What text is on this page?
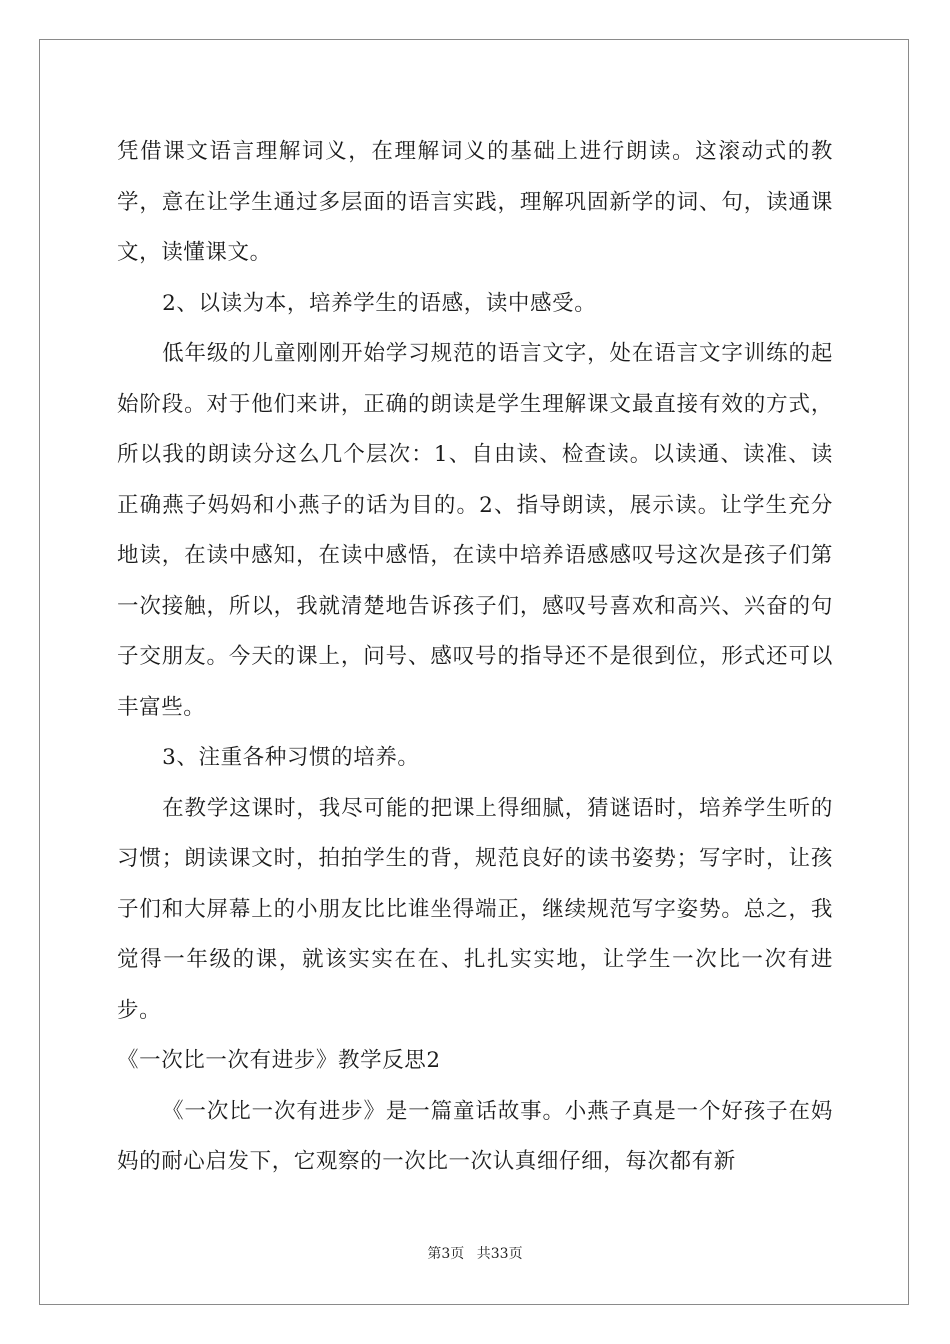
凭借课文语言理解词义，在理解词义的基础上进行朗读。这滚动式的教学，意在让学生通过多层面的语言实践，理解巩固新学的词、句，读通课文，读懂课文。

2、以读为本，培养学生的语感，读中感受。

低年级的儿童刚刚开始学习规范的语言文字，处在语言文字训练的起始阶段。对于他们来讲，正确的朗读是学生理解课文最直接有效的方式，所以我的朗读分这么几个层次：1、自由读、检查读。以读通、读准、读正确燕子妈妈和小燕子的话为目的。2、指导朗读，展示读。让学生充分地读，在读中感知，在读中感悟，在读中培养语感感叹号这次是孩子们第一次接触，所以，我就清楚地告诉孩子们，感叹号喜欢和高兴、兴奋的句子交朋友。今天的课上，问号、感叹号的指导还不是很到位，形式还可以丰富些。

3、注重各种习惯的培养。

在教学这课时，我尽可能的把课上得细腻，猜谜语时，培养学生听的习惯；朗读课文时，拍拍学生的背，规范良好的读书姿势；写字时，让孩子们和大屏幕上的小朋友比比谁坐得端正，继续规范写字姿势。总之，我觉得一年级的课，就该实实在在、扎扎实实地，让学生一次比一次有进步。

《一次比一次有进步》教学反思2

《一次比一次有进步》是一篇童话故事。小燕子真是一个好孩子在妈妈的耐心启发下，它观察的一次比一次认真细仔细，每次都有新

第3页 共33页
